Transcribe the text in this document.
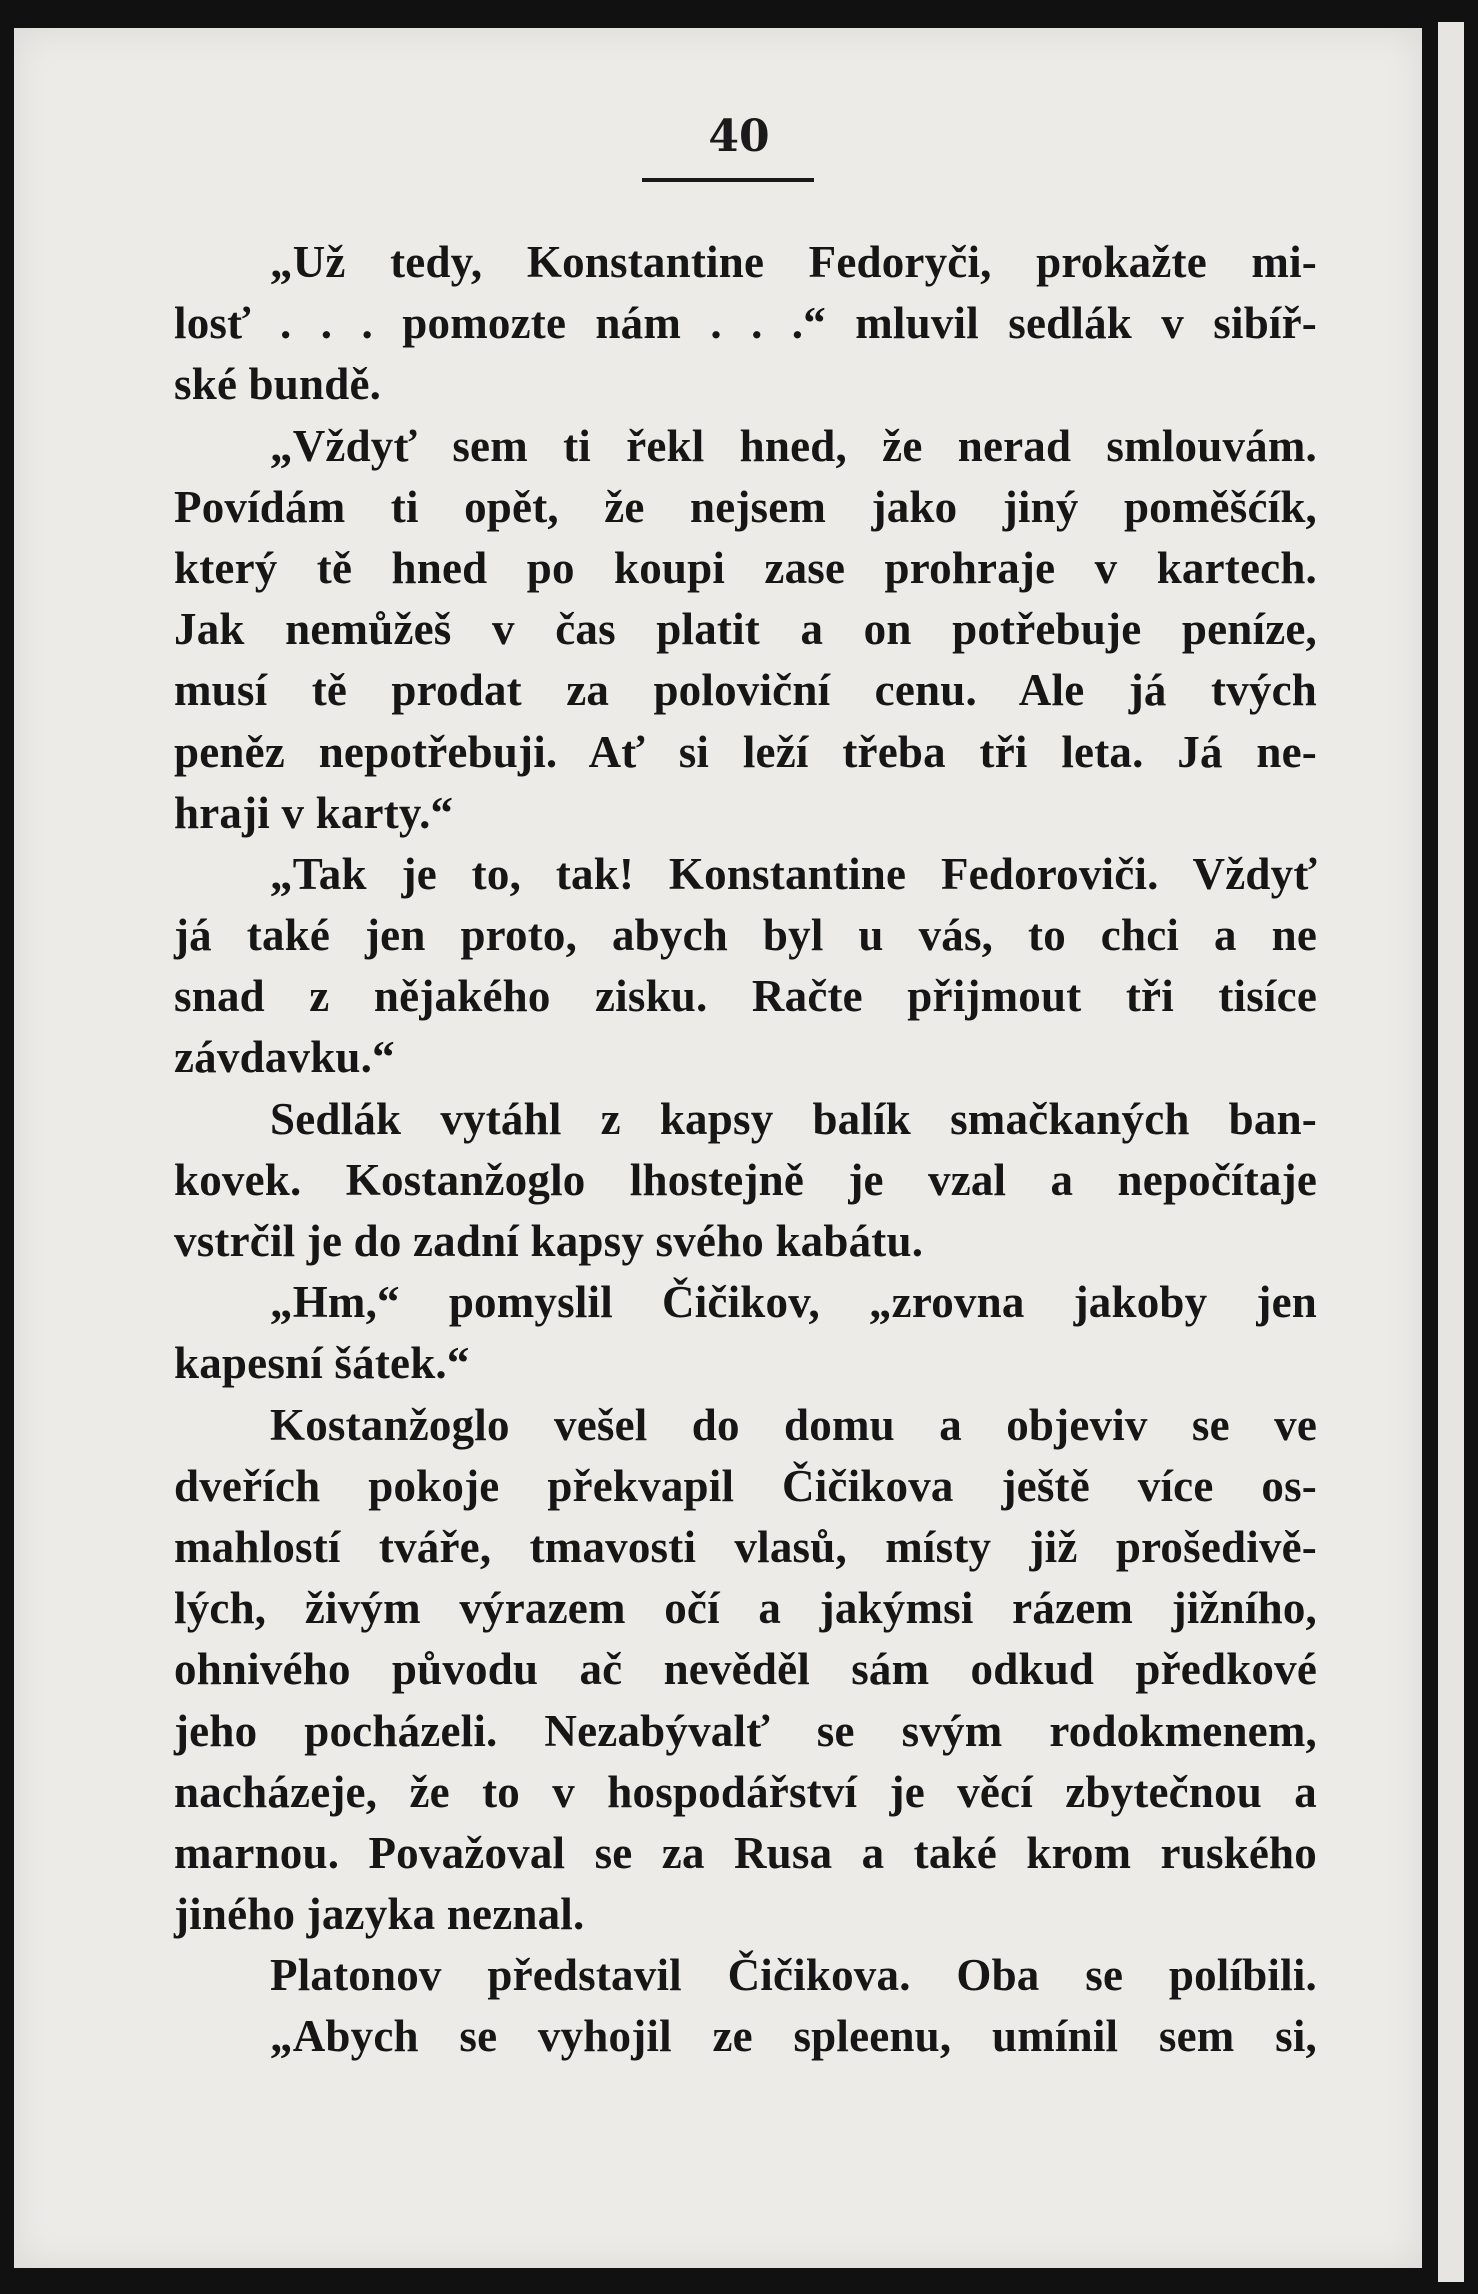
40
„Už tedy, Konstantine Fedoryči, prokažte mi-
losť . . . pomozte nám . . .“ mluvil sedlák v sibíř-
ské bundě.
„Vždyť sem ti řekl hned, že nerad smlouvám.
Povídám ti opět, že nejsem jako jiný poměšćík,
který tě hned po koupi zase prohraje v kartech.
Jak nemůžeš v čas platit a on potřebuje peníze,
musí tě prodat za poloviční cenu. Ale já tvých
peněz nepotřebuji. Ať si leží třeba tři leta. Já ne-
hraji v karty.“
„Tak je to, tak! Konstantine Fedoroviči. Vždyť
já také jen proto, abych byl u vás, to chci a ne
snad z nějakého zisku. Račte přijmout tři tisíce
závdavku.“
Sedlák vytáhl z kapsy balík smačkaných ban-
kovek. Kostanžoglo lhostejně je vzal a nepočítaje
vstrčil je do zadní kapsy svého kabátu.
„Hm,“ pomyslil Čičikov, „zrovna jakoby jen
kapesní šátek.“
Kostanžoglo vešel do domu a objeviv se ve
dveřích pokoje překvapil Čičikova ještě více os-
mahlostí tváře, tmavosti vlasů, místy již prošedivě-
lých, živým výrazem očí a jakýmsi rázem jižního,
ohnivého původu ač nevěděl sám odkud předkové
jeho pocházeli. Nezabývalť se svým rodokmenem,
nacházeje, že to v hospodářství je věcí zbytečnou a
marnou. Považoval se za Rusa a také krom ruského
jiného jazyka neznal.
Platonov představil Čičikova. Oba se políbili.
„Abych se vyhojil ze spleenu, umínil sem si,
